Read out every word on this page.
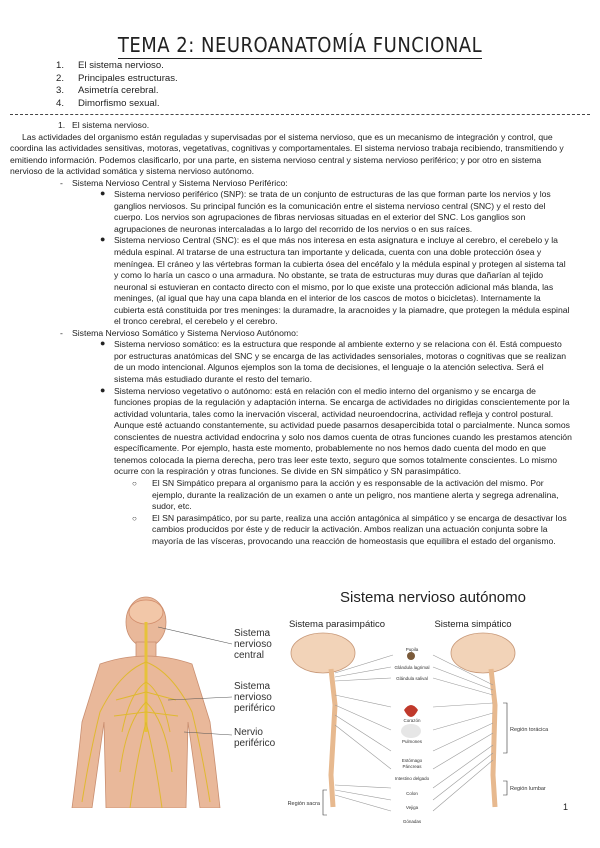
TEMA 2: NEUROANATOMÍA FUNCIONAL
1. El sistema nervioso.
2. Principales estructuras.
3. Asimetría cerebral.
4. Dimorfismo sexual.

1. El sistema nervioso.

Las actividades del organismo están reguladas y supervisadas por el sistema nervioso, que es un mecanismo de integración y control, que coordina las actividades sensitivas, motoras, vegetativas, cognitivas y comportamentales. El sistema nervioso trabaja recibiendo, transmitiendo y emitiendo información. Podemos clasificarlo, por una parte, en sistema nervioso central y sistema nervioso periférico; y por otro en sistema nervioso de la actividad somática y sistema nervioso autónomo.

- Sistema Nervioso Central y Sistema Nervioso Periférico:

● Sistema nervioso periférico (SNP): se trata de un conjunto de estructuras de las que forman parte los nervios y los ganglios nerviosos. Su principal función es la comunicación entre el sistema nervioso central (SNC) y el resto del cuerpo. Los nervios son agrupaciones de fibras nerviosas situadas en el exterior del SNC. Los ganglios son agrupaciones de neuronas intercaladas a lo largo del recorrido de los nervios o en sus raíces.

● Sistema nervioso Central (SNC): es el que más nos interesa en esta asignatura e incluye al cerebro, el cerebelo y la médula espinal. Al tratarse de una estructura tan importante y delicada, cuenta con una doble protección ósea y meníngea. El cráneo y las vértebras forman la cubierta ósea del encéfalo y la médula espinal y protegen al sistema tal y como lo haría un casco o una armadura. No obstante, se trata de estructuras muy duras que dañarían al tejido neuronal si estuvieran en contacto directo con el mismo, por lo que existe una protección adicional más blanda, las meninges, (al igual que hay una capa blanda en el interior de los cascos de motos o bicicletas). Internamente la cubierta está constituida por tres meninges: la duramadre, la aracnoides y la piamadre, que protegen la médula espinal el tronco cerebral, el cerebelo y el cerebro.

- Sistema Nervioso Somático y Sistema Nervioso Autónomo:

● Sistema nervioso somático: es la estructura que responde al ambiente externo y se relaciona con él. Está compuesto por estructuras anatómicas del SNC y se encarga de las actividades sensoriales, motoras o cognitivas que se realizan de un modo intencional. Algunos ejemplos son la toma de decisiones, el lenguaje o la atención selectiva. Será el sistema más estudiado durante el resto del temario.

● Sistema nervioso vegetativo o autónomo: está en relación con el medio interno del organismo y se encarga de funciones propias de la regulación y adaptación interna. Se encarga de actividades no dirigidas conscientemente por la actividad voluntaria, tales como la inervación visceral, actividad neuroendocrina, actividad refleja y control postural. Aunque esté actuando constantemente, su actividad puede pasarnos desapercibida total o parcialmente. Nunca somos conscientes de nuestra actividad endocrina y solo nos damos cuenta de otras funciones cuando les prestamos atención específicamente. Por ejemplo, hasta este momento, probablemente no nos hemos dado cuenta del modo en que tenemos colocada la pierna derecha, pero tras leer este texto, seguro que somos totalmente conscientes. Lo mismo ocurre con la respiración y otras funciones. Se divide en SN simpático y SN parasimpático.

○ El SN Simpático prepara al organismo para la acción y es responsable de la activación del mismo. Por ejemplo, durante la realización de un examen o ante un peligro, nos mantiene alerta y segrega adrenalina, sudor, etc.

○ El SN parasimpático, por su parte, realiza una acción antagónica al simpático y se encarga de desactivar los cambios producidos por éste y de reducir la activación. Ambos realizan una actuación conjunta sobre la mayoría de las vísceras, provocando una reacción de homeostasis que equilibra el estado del organismo.

Sistema
nervioso
central
Sistema
nervioso
periférico
Nervio
periférico
Sistema nervioso autónomo
Sistema parasimpático	Sistema simpático
Pupila
Glándula lagrimal
Glándula salival
Corazón
Pulmones
Estómago
Páncreas
Intestino delgado
Colon
Vejiga
Gónadas
Región torácica
Región lumbar
Región sacra	1
